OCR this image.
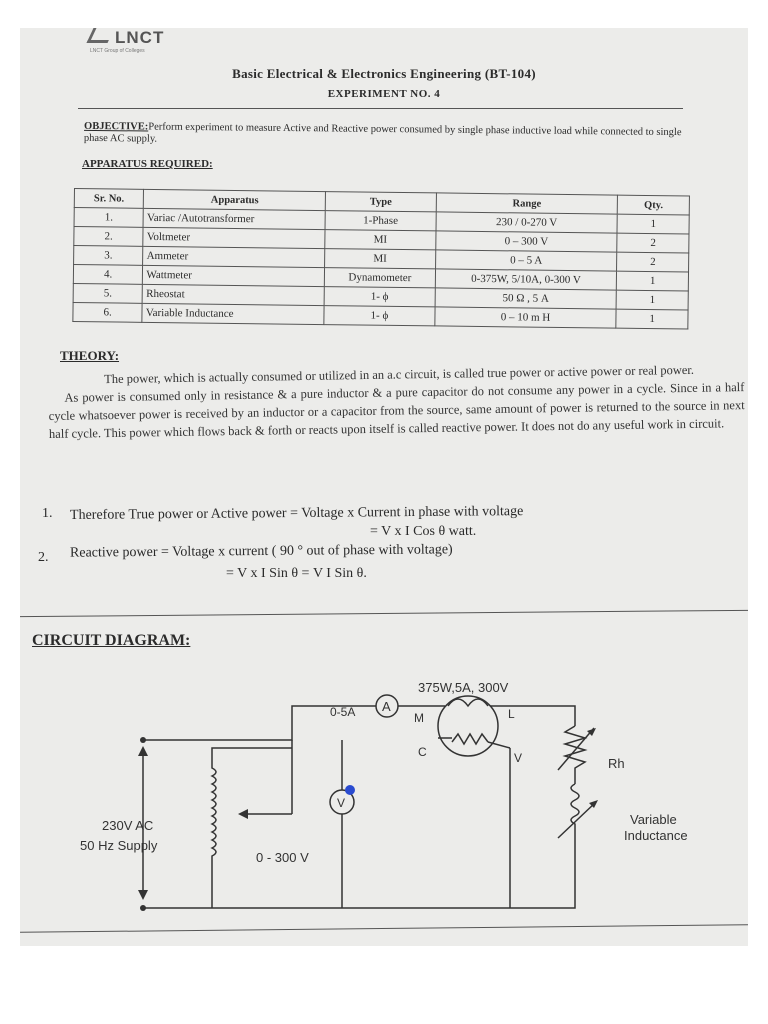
LNCT
LNCT Group of Colleges
Basic Electrical & Electronics Engineering (BT-104)
EXPERIMENT NO. 4
OBJECTIVE:Perform experiment to measure Active and Reactive power consumed by single phase inductive load while connected to single phase AC supply.
APPARATUS REQUIRED:
Sr. No.	Apparatus	Type	Range	Qty.
1.	Variac /Autotransformer	1-Phase	230 / 0-270 V	1
2.	Voltmeter	MI	0 – 300 V	2
3.	Ammeter	MI	0 – 5 A	2
4.	Wattmeter	Dynamometer	0-375W, 5/10A, 0-300 V	1
5.	Rheostat	1- ϕ	50 Ω , 5 A	1
6.	Variable Inductance	1- ϕ	0 – 10 m H	1
THEORY:

The power, which is actually consumed or utilized in an a.c circuit, is called true power or active power or real power.

As power is consumed only in resistance & a pure inductor & a pure capacitor do not consume any power in a cycle. Since in a half cycle whatsoever power is received by an inductor or a capacitor from the source, same amount of power is returned to the source in next half cycle. This power which flows back & forth or reacts upon itself is called reactive power. It does not do any useful work in circuit.

1. Therefore True power or Active power = Voltage x Current in phase with voltage
= V x I Cos θ watt.
2. Reactive power = Voltage x current ( 90 ° out of phase with voltage)
= V x I Sin θ = V I Sin θ.
CIRCUIT DIAGRAM:
375W,5A, 300V
0-5A A
V
0 - 300 V
M	L
C	V
230V AC
50 Hz Supply
Rh
Variable
Inductance
